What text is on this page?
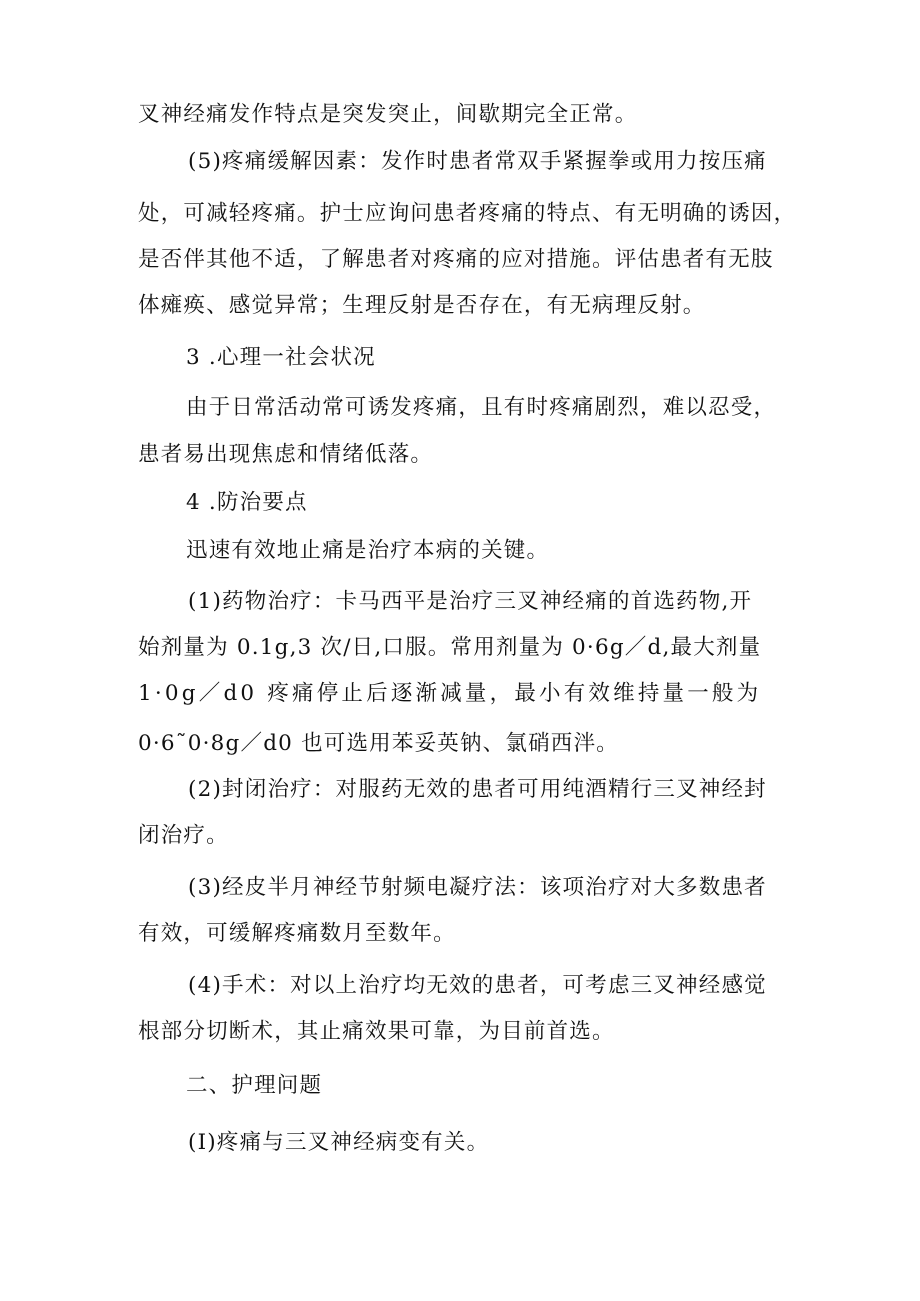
叉神经痛发作特点是突发突止，间歇期完全正常。
(5)疼痛缓解因素：发作时患者常双手紧握拳或用力按压痛
处，可减轻疼痛。护士应询问患者疼痛的特点、有无明确的诱因，
是否伴其他不适，了解患者对疼痛的应对措施。评估患者有无肢
体瘫痪、感觉异常；生理反射是否存在，有无病理反射。
3 .心理一社会状况
由于日常活动常可诱发疼痛，且有时疼痛剧烈，难以忍受，
患者易出现焦虑和情绪低落。
4 .防治要点
迅速有效地止痛是治疗本病的关键。
(1)药物治疗：卡马西平是治疗三叉神经痛的首选药物,开
始剂量为 0.1g,3 次/日,口服。常用剂量为 0·6g／d,最大剂量
1·0g／d0 疼痛停止后逐渐减量，最小有效维持量一般为
0·6˜0·8g／d0 也可选用苯妥英钠、氯硝西泮。
(2)封闭治疗：对服药无效的患者可用纯酒精行三叉神经封
闭治疗。
(3)经皮半月神经节射频电凝疗法：该项治疗对大多数患者
有效，可缓解疼痛数月至数年。
(4)手术：对以上治疗均无效的患者，可考虑三叉神经感觉
根部分切断术，其止痛效果可靠，为目前首选。
二、护理问题
(I)疼痛与三叉神经病变有关。
